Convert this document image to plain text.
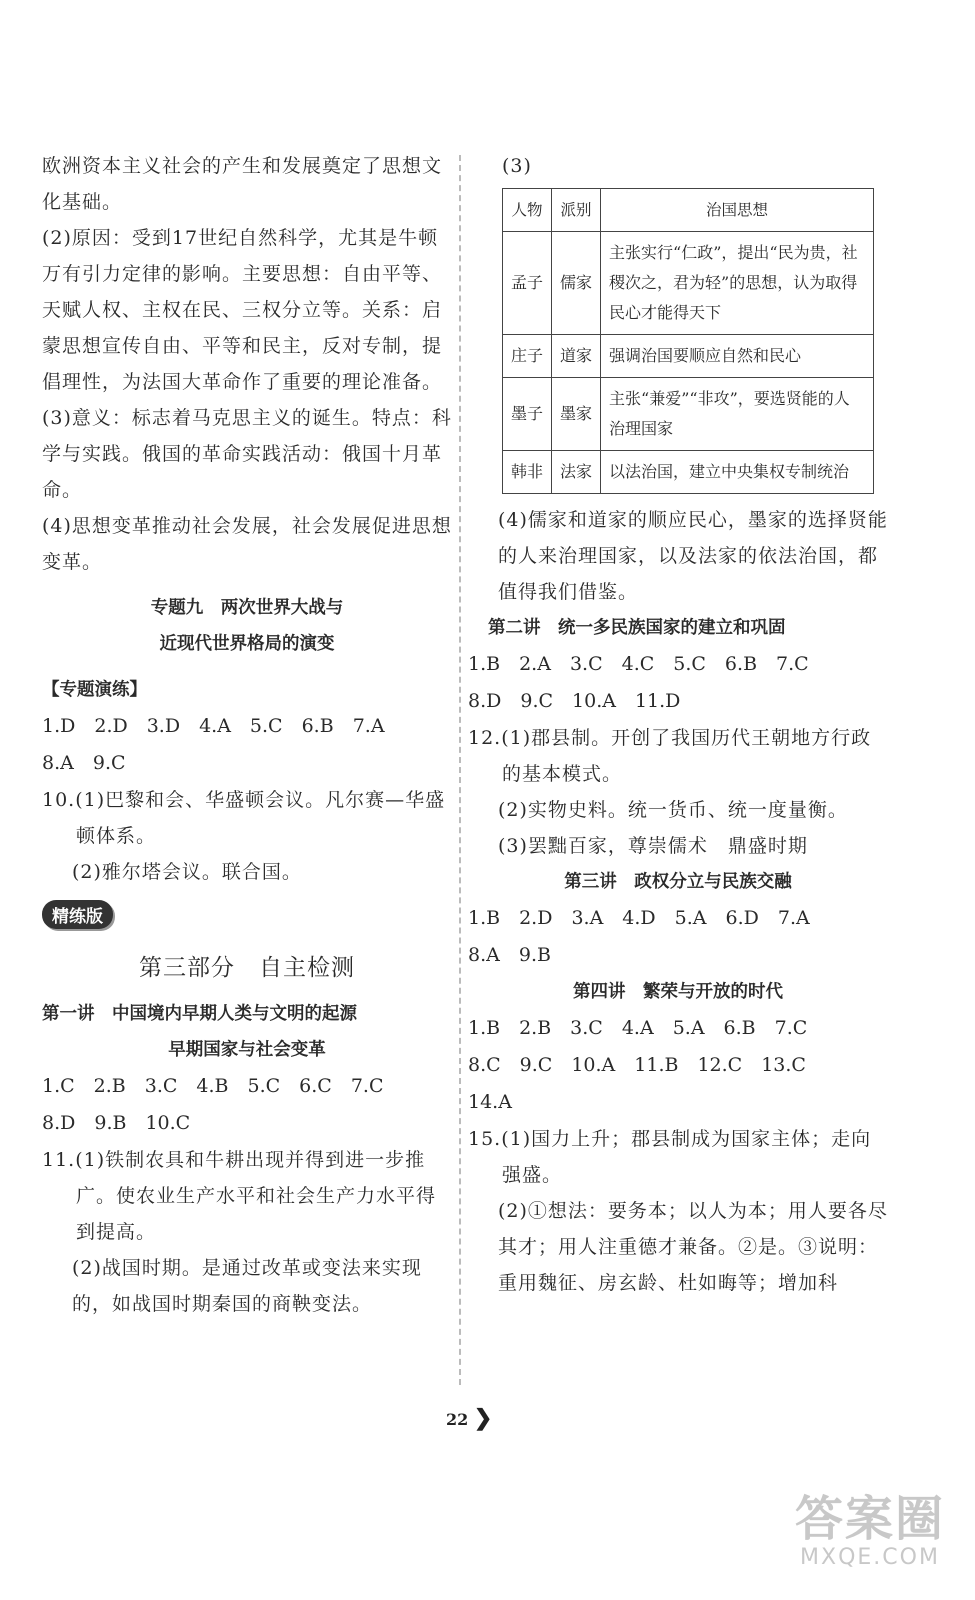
欧洲资本主义社会的产生和发展奠定了思想文化基础。

(2)原因：受到17世纪自然科学，尤其是牛顿万有引力定律的影响。主要思想：自由平等、天赋人权、主权在民、三权分立等。关系：启蒙思想宣传自由、平等和民主，反对专制，提倡理性，为法国大革命作了重要的理论准备。

(3)意义：标志着马克思主义的诞生。特点：科学与实践。俄国的革命实践活动：俄国十月革命。

(4)思想变革推动社会发展，社会发展促进思想变革。

专题九　两次世界大战与

近现代世界格局的演变

【专题演练】

1.D　2.D　3.D　4.A　5.C　6.B　7.A

8.A　9.C

10.(1)巴黎和会、华盛顿会议。凡尔赛—华盛顿体系。

(2)雅尔塔会议。联合国。

精练版

第三部分　自主检测

第一讲　中国境内早期人类与文明的起源

早期国家与社会变革

1.C　2.B　3.C　4.B　5.C　6.C　7.C

8.D　9.B　10.C

11.(1)铁制农具和牛耕出现并得到进一步推广。使农业生产水平和社会生产力水平得到提高。

(2)战国时期。是通过改革或变法来实现的，如战国时期秦国的商鞅变法。

(3)

人物	派别	治国思想
孟子	儒家	主张实行“仁政”，提出“民为贵，社稷次之，君为轻”的思想，认为取得民心才能得天下
庄子	道家	强调治国要顺应自然和民心
墨子	墨家	主张“兼爱”“非攻”，要选贤能的人治理国家
韩非	法家	以法治国，建立中央集权专制统治

(4)儒家和道家的顺应民心，墨家的选择贤能的人来治理国家，以及法家的依法治国，都值得我们借鉴。

第二讲　统一多民族国家的建立和巩固

1.B　2.A　3.C　4.C　5.C　6.B　7.C

8.D　9.C　10.A　11.D

12.(1)郡县制。开创了我国历代王朝地方行政的基本模式。

(2)实物史料。统一货币、统一度量衡。

(3)罢黜百家，尊崇儒术　鼎盛时期

第三讲　政权分立与民族交融

1.B　2.D　3.A　4.D　5.A　6.D　7.A

8.A　9.B

第四讲　繁荣与开放的时代

1.B　2.B　3.C　4.A　5.A　6.B　7.C

8.C　9.C　10.A　11.B　12.C　13.C

14.A

15.(1)国力上升；郡县制成为国家主体；走向强盛。

(2)①想法：要务本；以人为本；用人要各尽其才；用人注重德才兼备。②是。③说明：重用魏征、房玄龄、杜如晦等；增加科

22 ❯
答案圈
MXQE.COM
